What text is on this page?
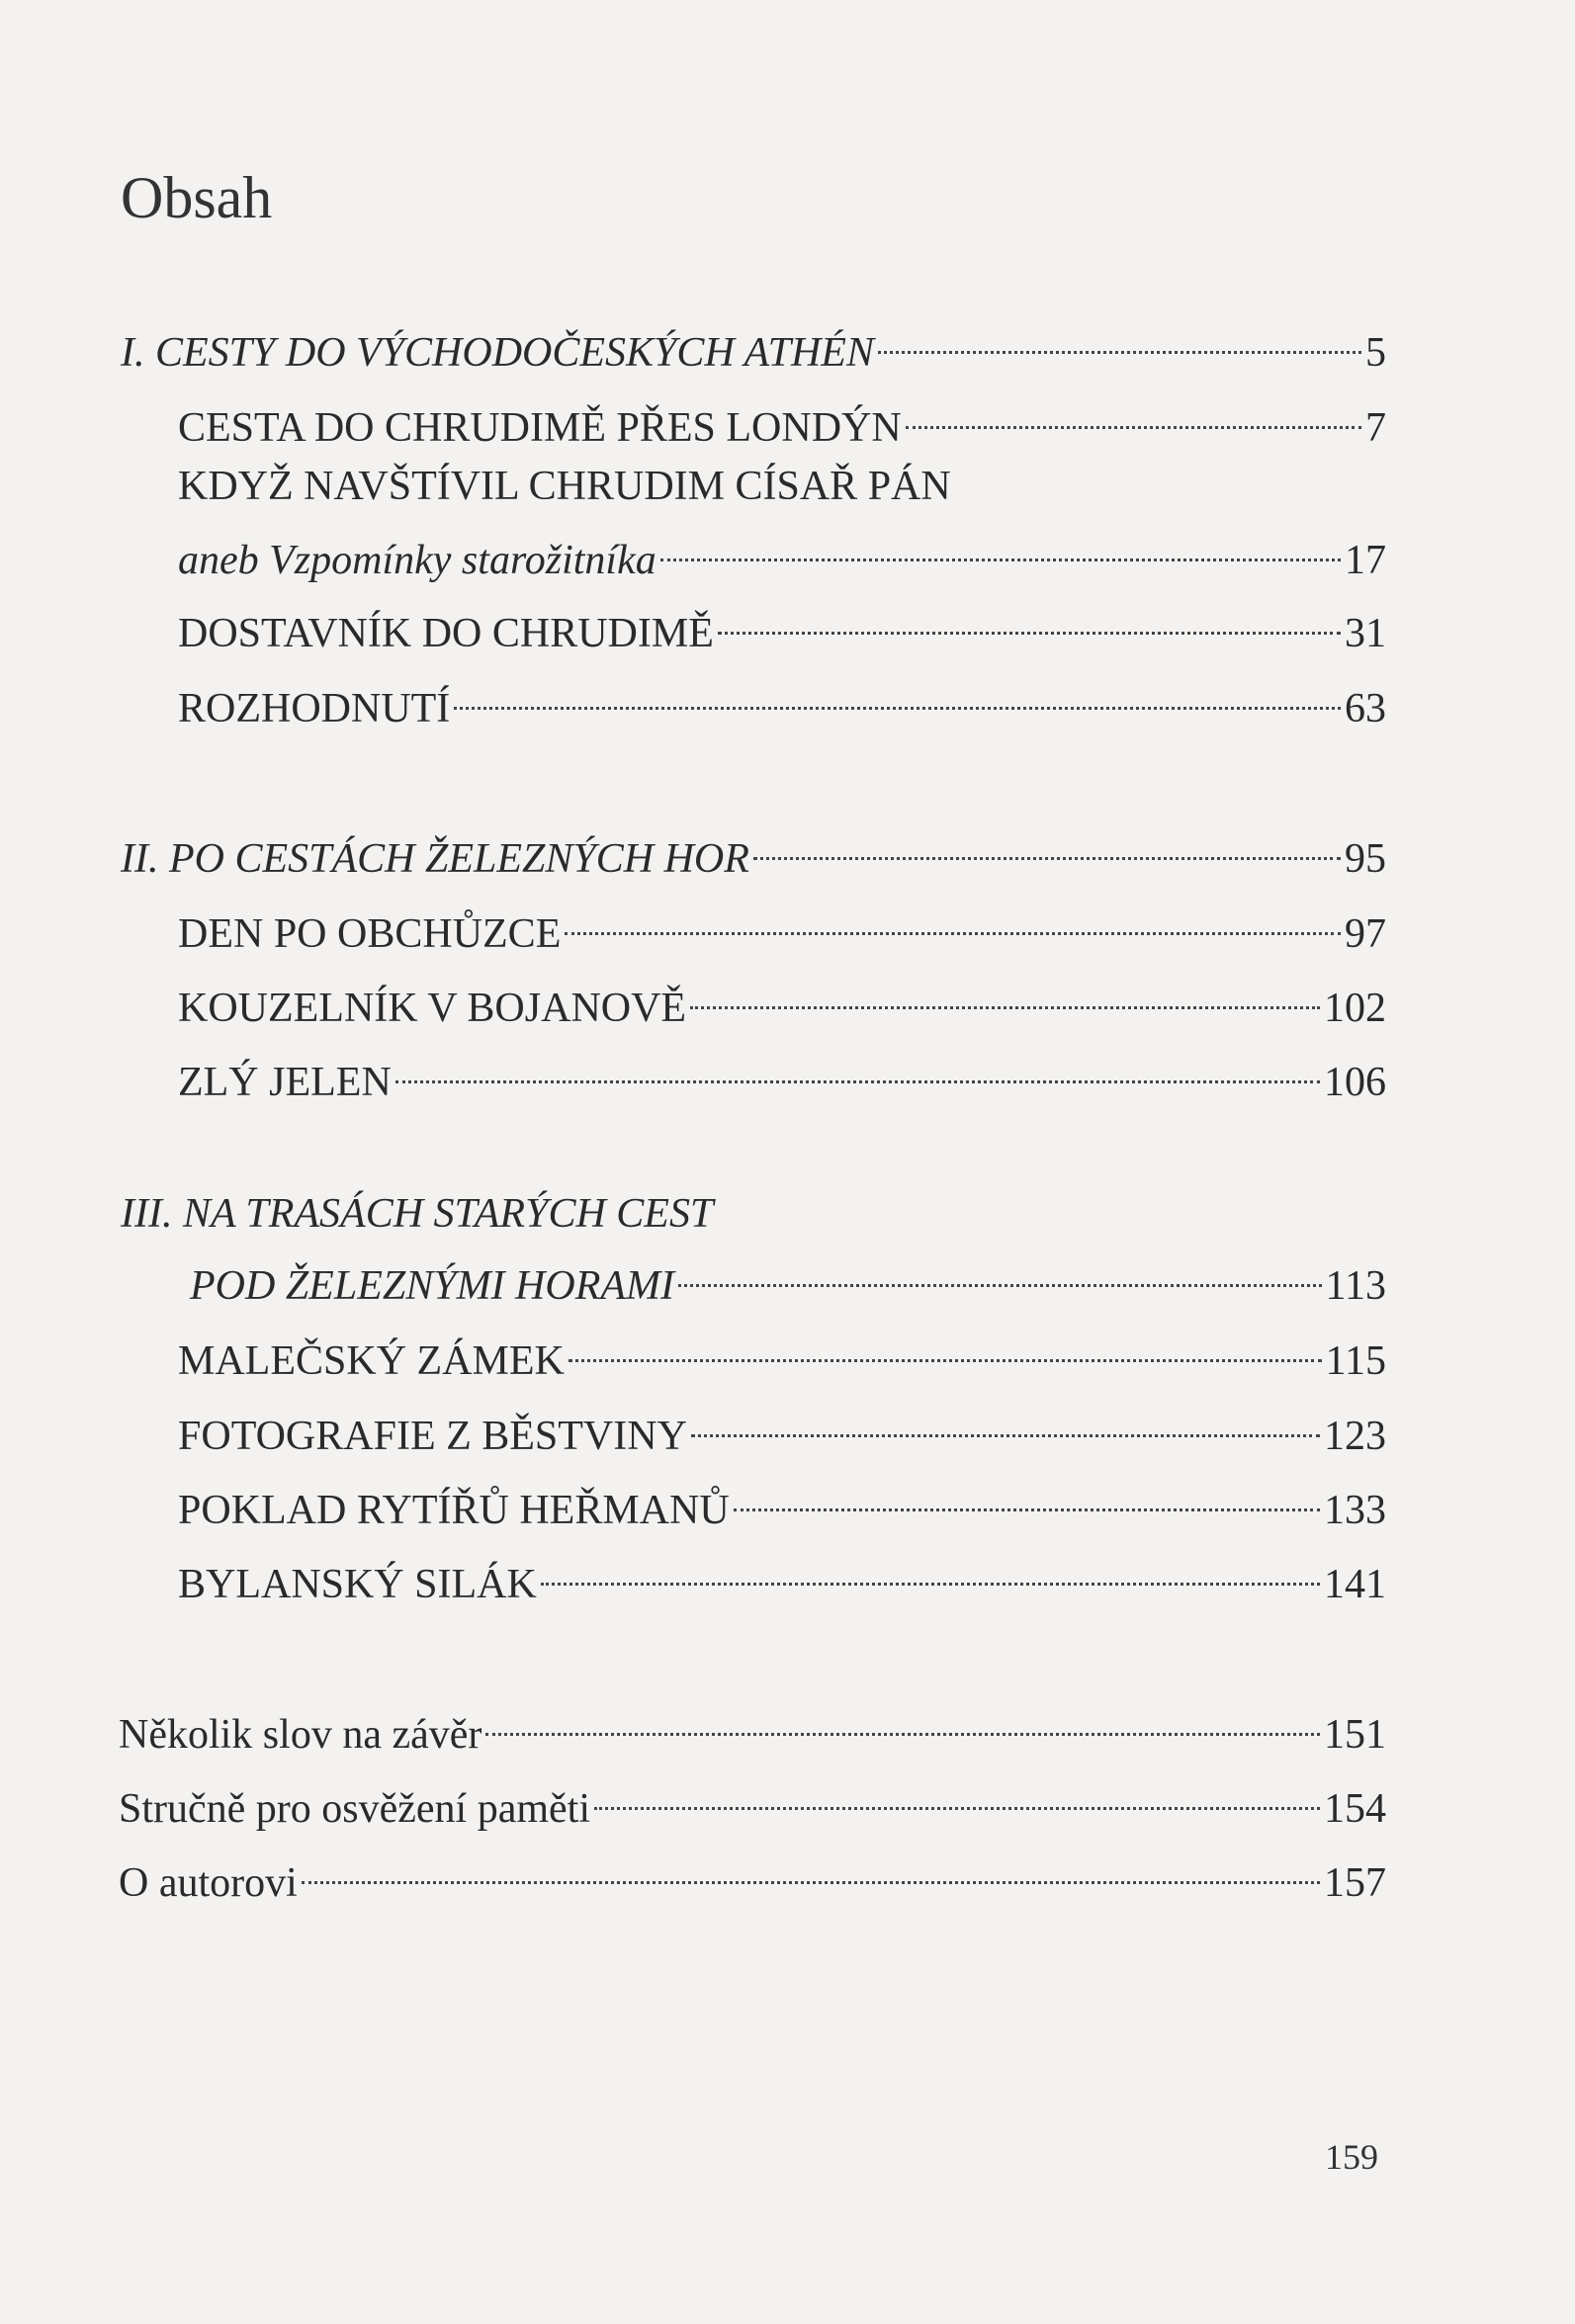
Obsah
I. CESTY DO VÝCHODOČESKÝCH ATHÉN	5
CESTA DO CHRUDIMĚ PŘES LONDÝN	7
KDYŽ NAVŠTÍVIL CHRUDIM CÍSAŘ PÁN
aneb Vzpomínky starožitníka	17
DOSTAVNÍK DO CHRUDIMĚ	31
ROZHODNUTÍ	63
II. PO CESTÁCH ŽELEZNÝCH HOR	95
DEN PO OBCHŮZCE	97
KOUZELNÍK V BOJANOVĚ	102
ZLÝ JELEN	106
III. NA TRASÁCH STARÝCH CEST
POD ŽELEZNÝMI HORAMI	113
MALEČSKÝ ZÁMEK	115
FOTOGRAFIE Z BĚSTVINY	123
POKLAD RYTÍŘŮ HEŘMANŮ	133
BYLANSKÝ SILÁK	141
Několik slov na závěr	151
Stručně pro osvěžení paměti	154
O autorovi	157
159
